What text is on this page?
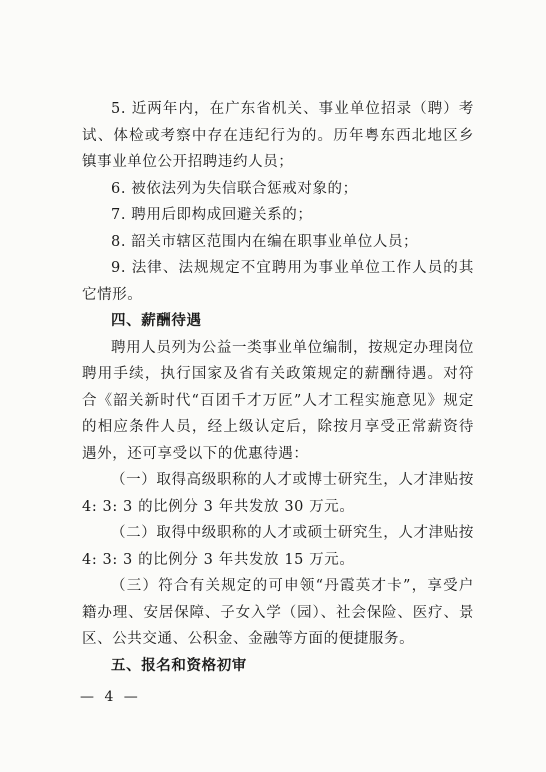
5. 近两年内，在广东省机关、事业单位招录（聘）考试、体检或考察中存在违纪行为的。历年粤东西北地区乡镇事业单位公开招聘违约人员；

6. 被依法列为失信联合惩戒对象的；

7. 聘用后即构成回避关系的；

8. 韶关市辖区范围内在编在职事业单位人员；

9. 法律、法规规定不宜聘用为事业单位工作人员的其它情形。

四、薪酬待遇

聘用人员列为公益一类事业单位编制，按规定办理岗位聘用手续，执行国家及省有关政策规定的薪酬待遇。对符合《韶关新时代“百团千才万匠”人才工程实施意见》规定的相应条件人员，经上级认定后，除按月享受正常薪资待遇外，还可享受以下的优惠待遇：

（一）取得高级职称的人才或博士研究生，人才津贴按4: 3: 3 的比例分 3 年共发放 30 万元。

（二）取得中级职称的人才或硕士研究生，人才津贴按4: 3: 3 的比例分 3 年共发放 15 万元。

（三）符合有关规定的可申领“丹霞英才卡”，享受户籍办理、安居保障、子女入学（园）、社会保险、医疗、景区、公共交通、公积金、金融等方面的便捷服务。

五、报名和资格初审

— 4 —
